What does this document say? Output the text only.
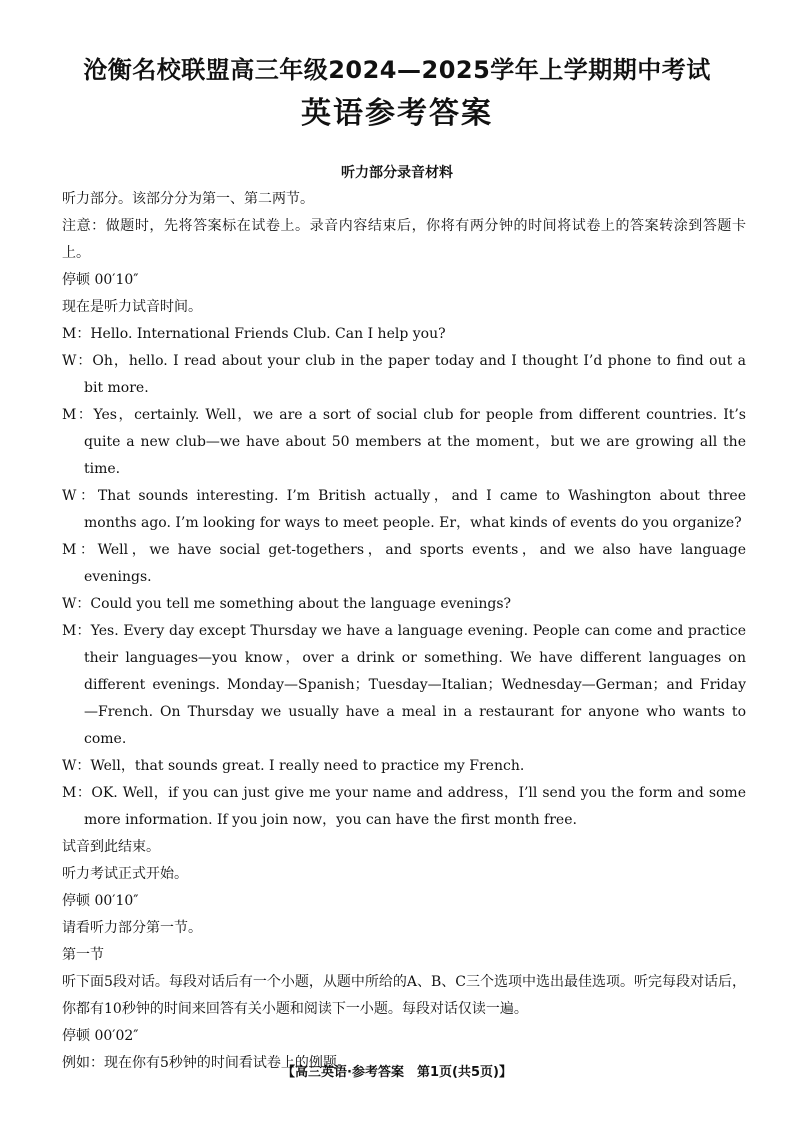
沧衡名校联盟高三年级2024—2025学年上学期期中考试
英语参考答案
听力部分录音材料

听力部分。该部分分为第一、第二两节。

注意：做题时，先将答案标在试卷上。录音内容结束后，你将有两分钟的时间将试卷上的答案转涂到答题卡上。

停顿 00′10″

现在是听力试音时间。

M：Hello. International Friends Club. Can I help you?

W：Oh，hello. I read about your club in the paper today and I thought I’d phone to find out a bit more.

M：Yes，certainly. Well，we are a sort of social club for people from different countries. It’s quite a new club—we have about 50 members at the moment，but we are growing all the time.

W：That sounds interesting. I’m British actually，and I came to Washington about three months ago. I’m looking for ways to meet people. Er，what kinds of events do you organize?

M：Well，we have social get-togethers，and sports events，and we also have language evenings.

W：Could you tell me something about the language evenings?

M：Yes. Every day except Thursday we have a language evening. People can come and practice their languages—you know，over a drink or something. We have different languages on different evenings. Monday—Spanish；Tuesday—Italian；Wednesday—German；and Friday—French. On Thursday we usually have a meal in a restaurant for anyone who wants to come.

W：Well，that sounds great. I really need to practice my French.

M：OK. Well，if you can just give me your name and address，I’ll send you the form and some more information. If you join now，you can have the first month free.

试音到此结束。

听力考试正式开始。

停顿 00′10″

请看听力部分第一节。

第一节

听下面5段对话。每段对话后有一个小题，从题中所给的A、B、C三个选项中选出最佳选项。听完每段对话后，你都有10秒钟的时间来回答有关小题和阅读下一小题。每段对话仅读一遍。

停顿 00′02″

例如：现在你有5秒钟的时间看试卷上的例题。

【高三英语·参考答案　第1页(共5页)】
